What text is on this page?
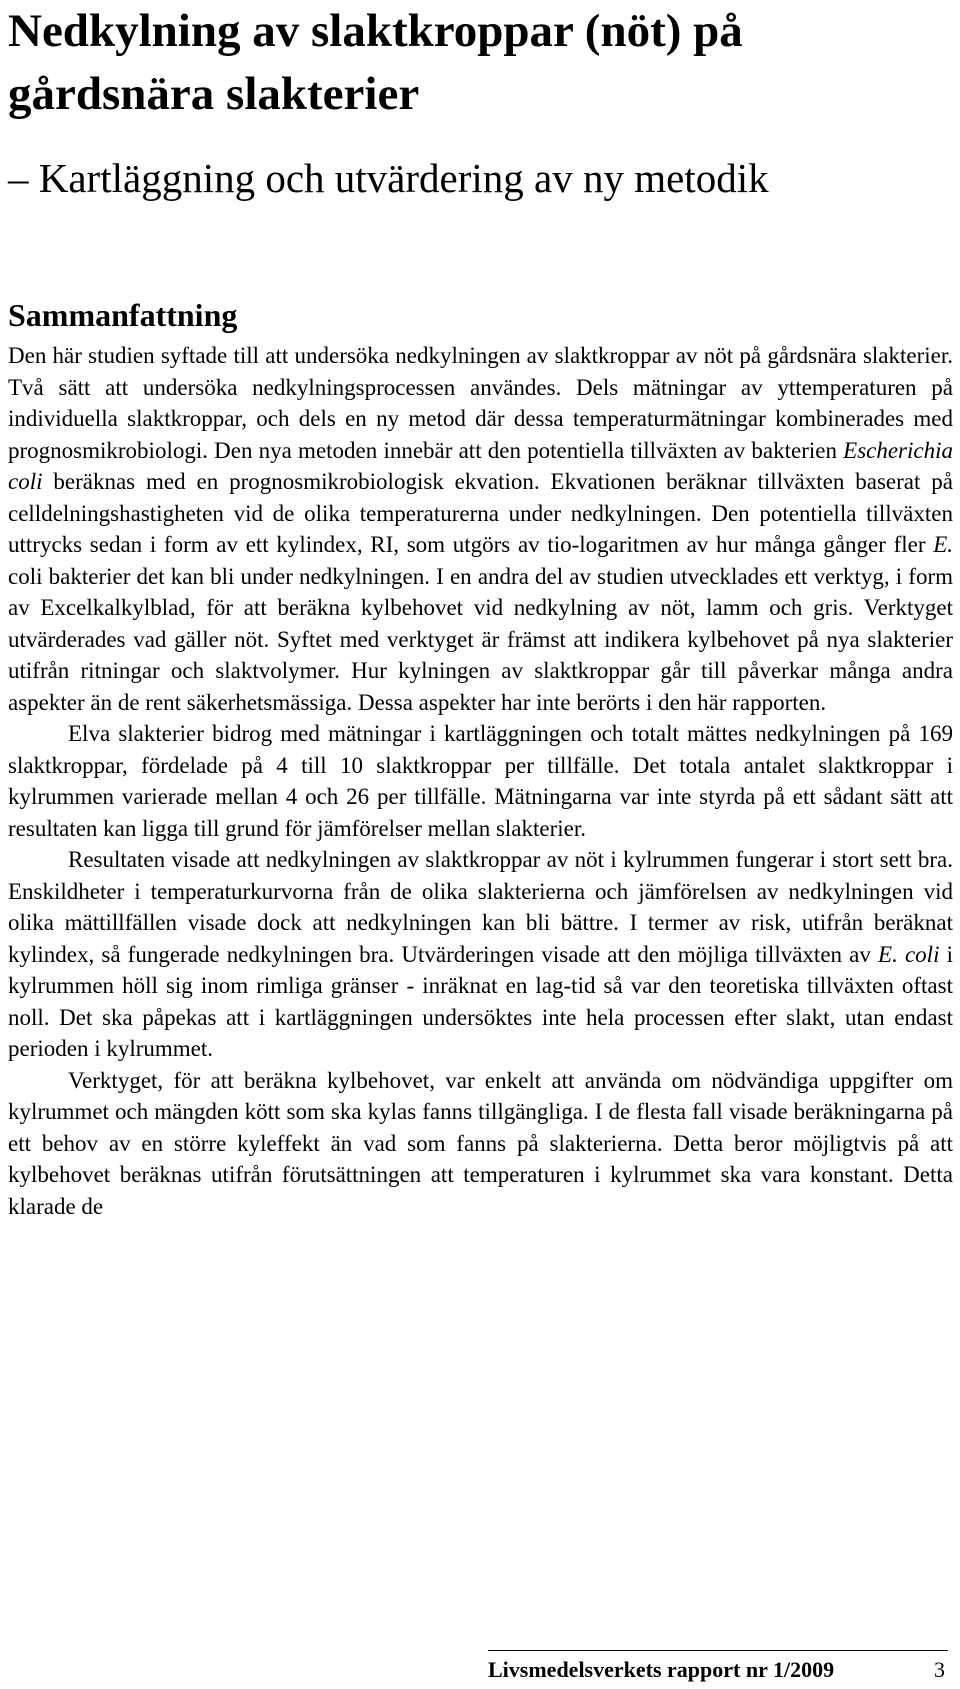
Nedkylning av slaktkroppar (nöt) på gårdsnära slakterier
– Kartläggning och utvärdering av ny metodik
Sammanfattning

Den här studien syftade till att undersöka nedkylningen av slaktkroppar av nöt på gårdsnära slakterier. Två sätt att undersöka nedkylningsprocessen användes. Dels mätningar av yttemperaturen på individuella slaktkroppar, och dels en ny metod där dessa temperaturmätningar kombinerades med prognosmikrobiologi. Den nya metoden innebär att den potentiella tillväxten av bakterien Escherichia coli beräknas med en prognosmikrobiologisk ekvation. Ekvationen beräknar tillväxten baserat på celldelningshastigheten vid de olika temperaturerna under nedkylningen. Den potentiella tillväxten uttrycks sedan i form av ett kylindex, RI, som utgörs av tio-logaritmen av hur många gånger fler E. coli bakterier det kan bli under nedkylningen. I en andra del av studien utvecklades ett verktyg, i form av Excelkalkylblad, för att beräkna kylbehovet vid nedkylning av nöt, lamm och gris. Verktyget utvärderades vad gäller nöt. Syftet med verktyget är främst att indikera kylbehovet på nya slakterier utifrån ritningar och slaktvolymer. Hur kylningen av slaktkroppar går till påverkar många andra aspekter än de rent säkerhetsmässiga. Dessa aspekter har inte berörts i den här rapporten.

Elva slakterier bidrog med mätningar i kartläggningen och totalt mättes nedkylningen på 169 slaktkroppar, fördelade på 4 till 10 slaktkroppar per tillfälle. Det totala antalet slaktkroppar i kylrummen varierade mellan 4 och 26 per tillfälle. Mätningarna var inte styrda på ett sådant sätt att resultaten kan ligga till grund för jämförelser mellan slakterier.

Resultaten visade att nedkylningen av slaktkroppar av nöt i kylrummen fungerar i stort sett bra. Enskildheter i temperaturkurvorna från de olika slakterierna och jämförelsen av nedkylningen vid olika mättillfällen visade dock att nedkylningen kan bli bättre. I termer av risk, utifrån beräknat kylindex, så fungerade nedkylningen bra. Utvärderingen visade att den möjliga tillväxten av E. coli i kylrummen höll sig inom rimliga gränser - inräknat en lag-tid så var den teoretiska tillväxten oftast noll. Det ska påpekas att i kartläggningen undersöktes inte hela processen efter slakt, utan endast perioden i kylrummet.

Verktyget, för att beräkna kylbehovet, var enkelt att använda om nödvändiga uppgifter om kylrummet och mängden kött som ska kylas fanns tillgängliga. I de flesta fall visade beräkningarna på ett behov av en större kyleffekt än vad som fanns på slakterierna. Detta beror möjligtvis på att kylbehovet beräknas utifrån förutsättningen att temperaturen i kylrummet ska vara konstant. Detta klarade de

Livsmedelsverkets rapport nr 1/2009	3
